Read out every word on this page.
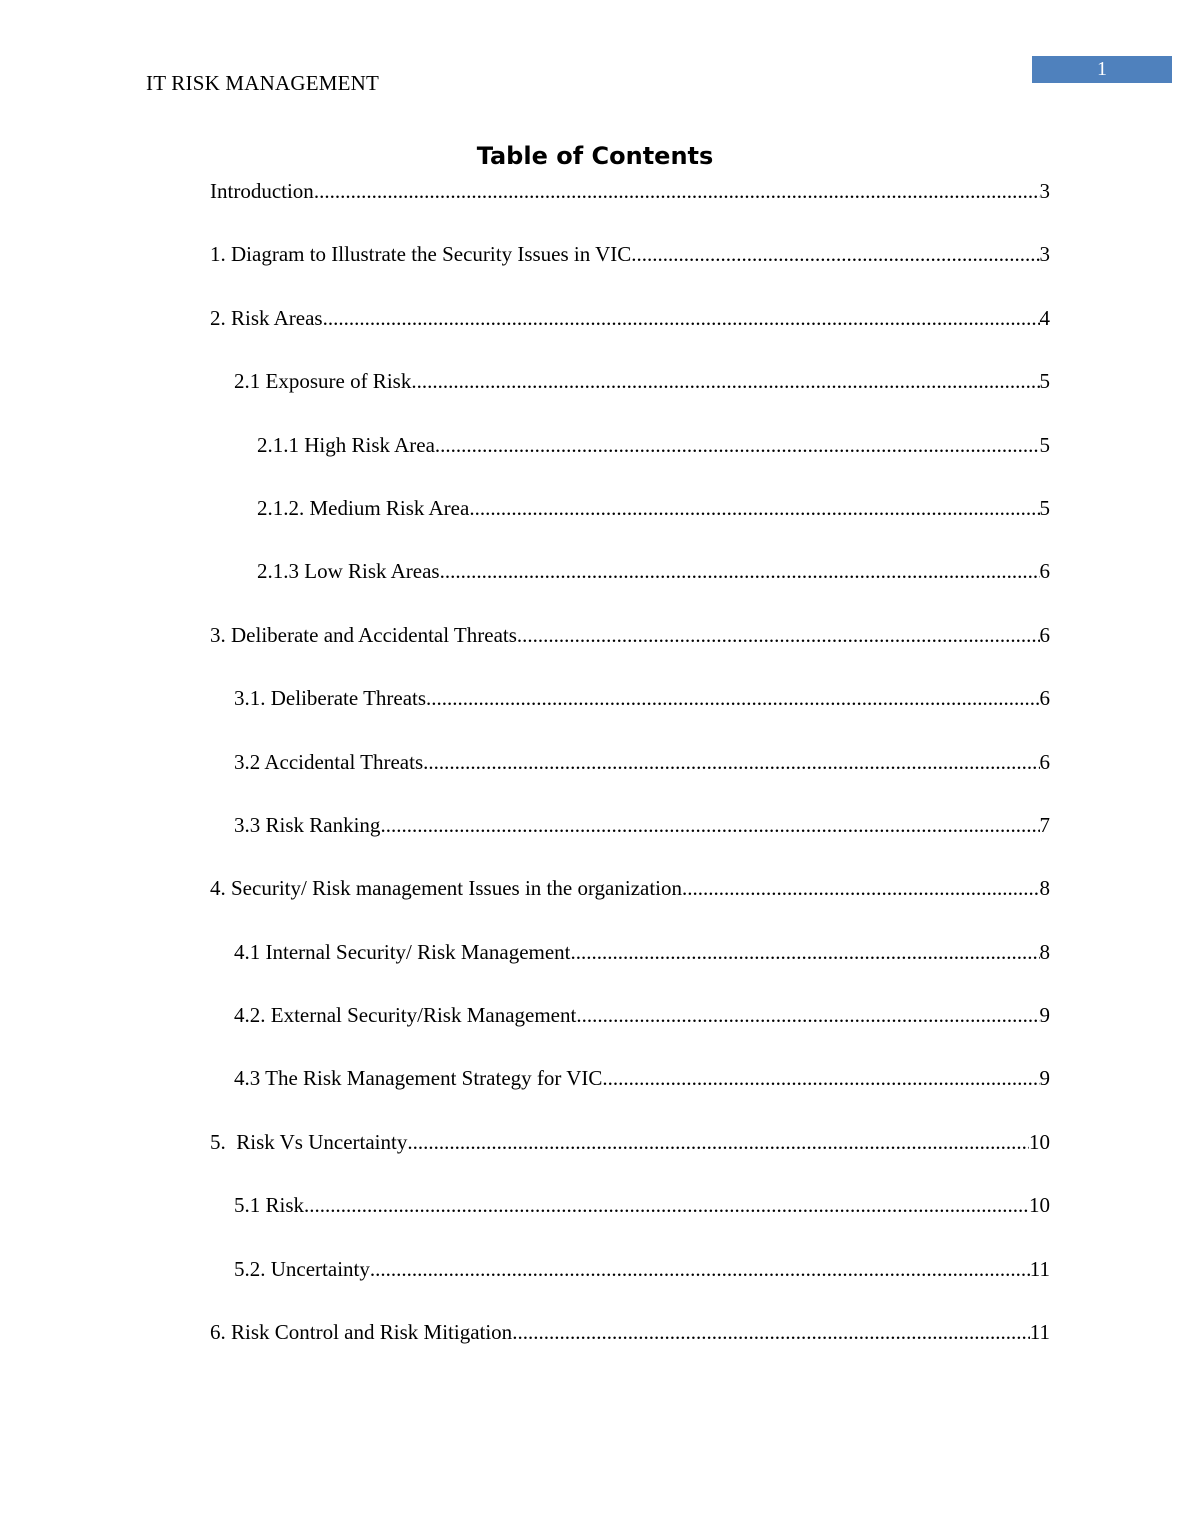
1
IT RISK MANAGEMENT
Table of Contents
Introduction .....	3
1. Diagram to Illustrate the Security Issues in VIC .....	3
2. Risk Areas .....	4
2.1 Exposure of Risk .....	5
2.1.1 High Risk Area .....	5
2.1.2. Medium Risk Area .....	5
2.1.3 Low Risk Areas .....	6
3. Deliberate and Accidental Threats .....	6
3.1. Deliberate Threats .....	6
3.2 Accidental Threats .....	6
3.3 Risk Ranking .....	7
4. Security/ Risk management Issues in the organization .....	8
4.1 Internal Security/ Risk Management .....	8
4.2. External Security/Risk Management .....	9
4.3 The Risk Management Strategy for VIC .....	9
5.  Risk Vs Uncertainty .....	10
5.1 Risk .....	10
5.2. Uncertainty .....	11
6. Risk Control and Risk Mitigation .....	11
